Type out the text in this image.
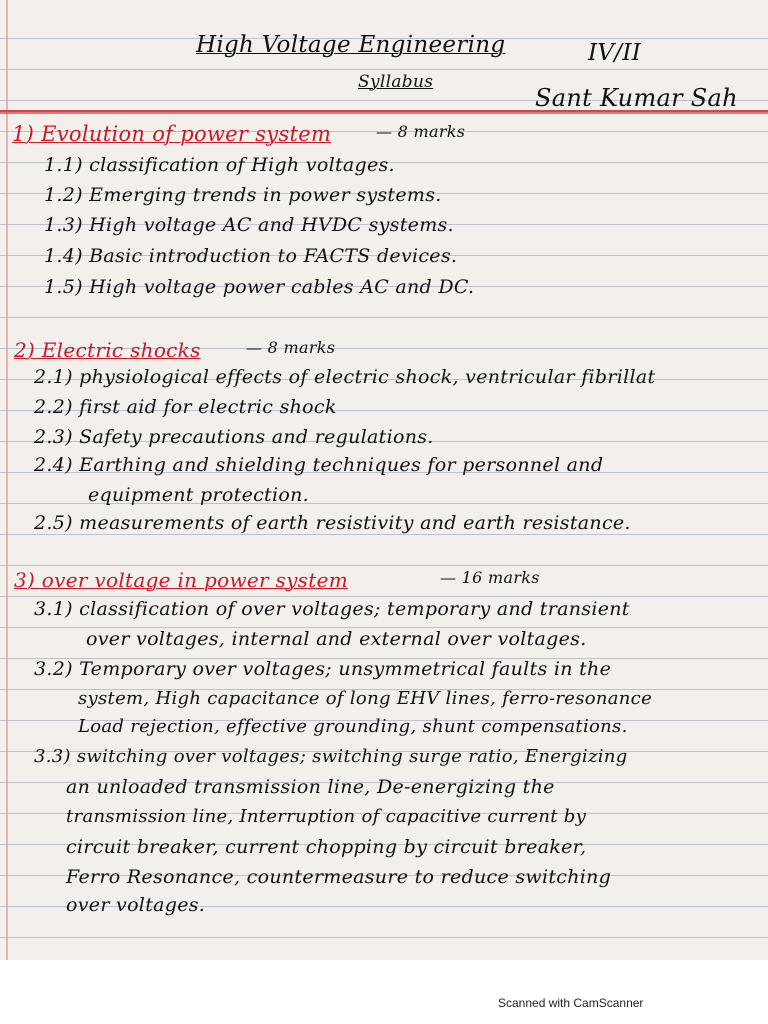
High Voltage Engineering	IV/II
Syllabus
Sant Kumar Sah
1) Evolution of power system	— 8 marks
1.1) classification of High voltages.
1.2) Emerging trends in power systems.
1.3) High voltage AC and HVDC systems.
1.4) Basic introduction to FACTS devices.
1.5) High voltage power cables AC and DC.
2) Electric shocks	— 8 marks
2.1) physiological effects of electric shock, ventricular fibrillat
2.2) first aid for electric shock
2.3) Safety precautions and regulations.
2.4) Earthing and shielding techniques for personnel and
equipment protection.
2.5) measurements of earth resistivity and earth resistance.
3) over voltage in power system	— 16 marks
3.1) classification of over voltages; temporary and transient
over voltages, internal and external over voltages.
3.2) Temporary over voltages; unsymmetrical faults in the
system, High capacitance of long EHV lines, ferro-resonance
Load rejection, effective grounding, shunt compensations.
3.3) switching over voltages; switching surge ratio, Energizing
an unloaded transmission line, De-energizing the
transmission line, Interruption of capacitive current by
circuit breaker, current chopping by circuit breaker,
Ferro Resonance, countermeasure to reduce switching
over voltages.
Scanned with CamScanner
